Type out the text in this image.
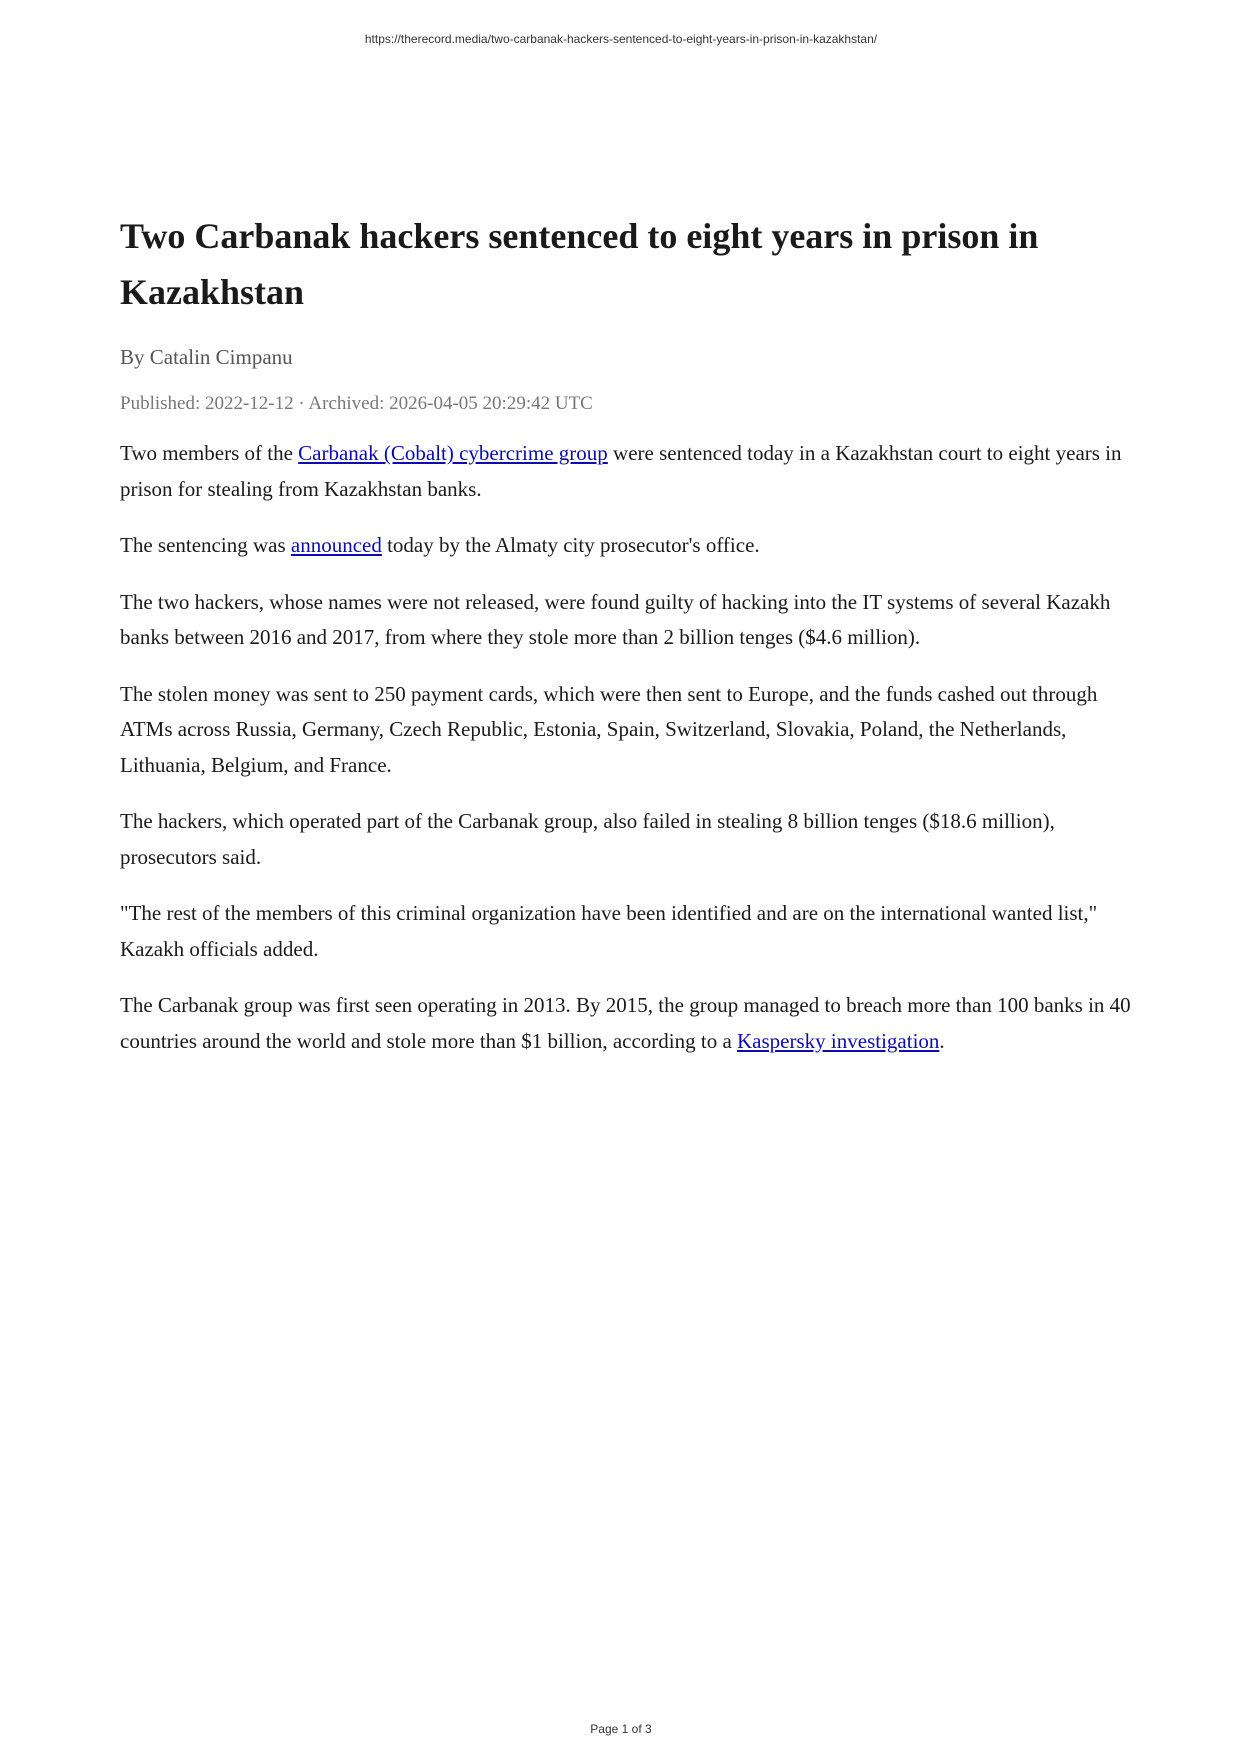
https://therecord.media/two-carbanak-hackers-sentenced-to-eight-years-in-prison-in-kazakhstan/

Two Carbanak hackers sentenced to eight years in prison in Kazakhstan

By Catalin Cimpanu

Published: 2022-12-12 · Archived: 2026-04-05 20:29:42 UTC

Two members of the Carbanak (Cobalt) cybercrime group were sentenced today in a Kazakhstan court to eight years in prison for stealing from Kazakhstan banks.

The sentencing was announced today by the Almaty city prosecutor's office.

The two hackers, whose names were not released, were found guilty of hacking into the IT systems of several Kazakh banks between 2016 and 2017, from where they stole more than 2 billion tenges ($4.6 million).

The stolen money was sent to 250 payment cards, which were then sent to Europe, and the funds cashed out through ATMs across Russia, Germany, Czech Republic, Estonia, Spain, Switzerland, Slovakia, Poland, the Netherlands, Lithuania, Belgium, and France.

The hackers, which operated part of the Carbanak group, also failed in stealing 8 billion tenges ($18.6 million), prosecutors said.

"The rest of the members of this criminal organization have been identified and are on the international wanted list," Kazakh officials added.

The Carbanak group was first seen operating in 2013. By 2015, the group managed to breach more than 100 banks in 40 countries around the world and stole more than $1 billion, according to a Kaspersky investigation.

Page 1 of 3
